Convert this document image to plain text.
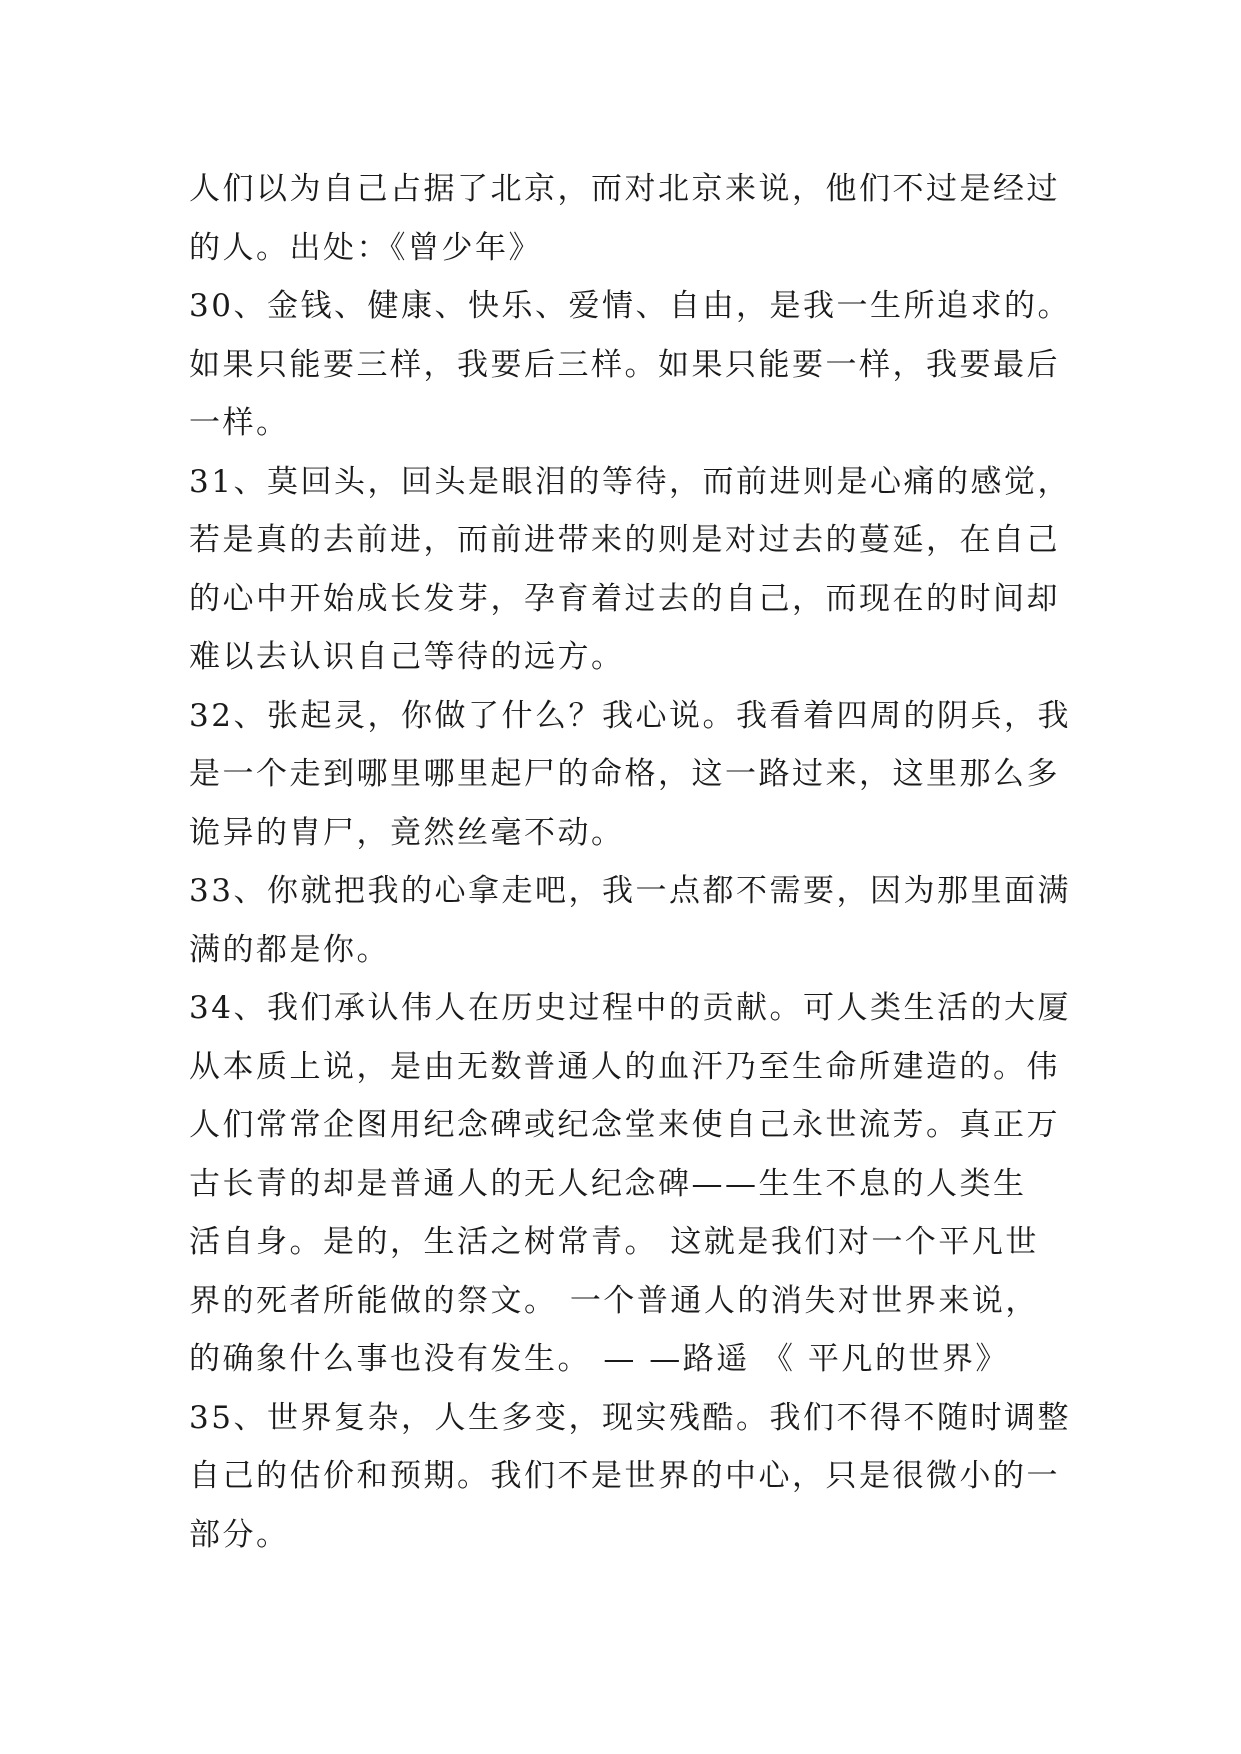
人们以为自己占据了北京，而对北京来说，他们不过是经过
的人。出处：《曾少年》
30、金钱、健康、快乐、爱情、自由，是我一生所追求的。
如果只能要三样，我要后三样。如果只能要一样，我要最后
一样。
31、莫回头，回头是眼泪的等待，而前进则是心痛的感觉，
若是真的去前进，而前进带来的则是对过去的蔓延，在自己
的心中开始成长发芽，孕育着过去的自己，而现在的时间却
难以去认识自己等待的远方。
32、张起灵，你做了什么？我心说。我看着四周的阴兵，我
是一个走到哪里哪里起尸的命格，这一路过来，这里那么多
诡异的胄尸，竟然丝毫不动。
33、你就把我的心拿走吧，我一点都不需要，因为那里面满
满的都是你。
34、我们承认伟人在历史过程中的贡献。可人类生活的大厦
从本质上说，是由无数普通人的血汗乃至生命所建造的。伟
人们常常企图用纪念碑或纪念堂来使自己永世流芳。真正万
古长青的却是普通人的无人纪念碑——生生不息的人类生
活自身。是的，生活之树常青。 这就是我们对一个平凡世
界的死者所能做的祭文。 一个普通人的消失对世界来说，
的确象什么事也没有发生。 — —路遥 《 平凡的世界》
35、世界复杂，人生多变，现实残酷。我们不得不随时调整
自己的估价和预期。我们不是世界的中心，只是很微小的一
部分。
